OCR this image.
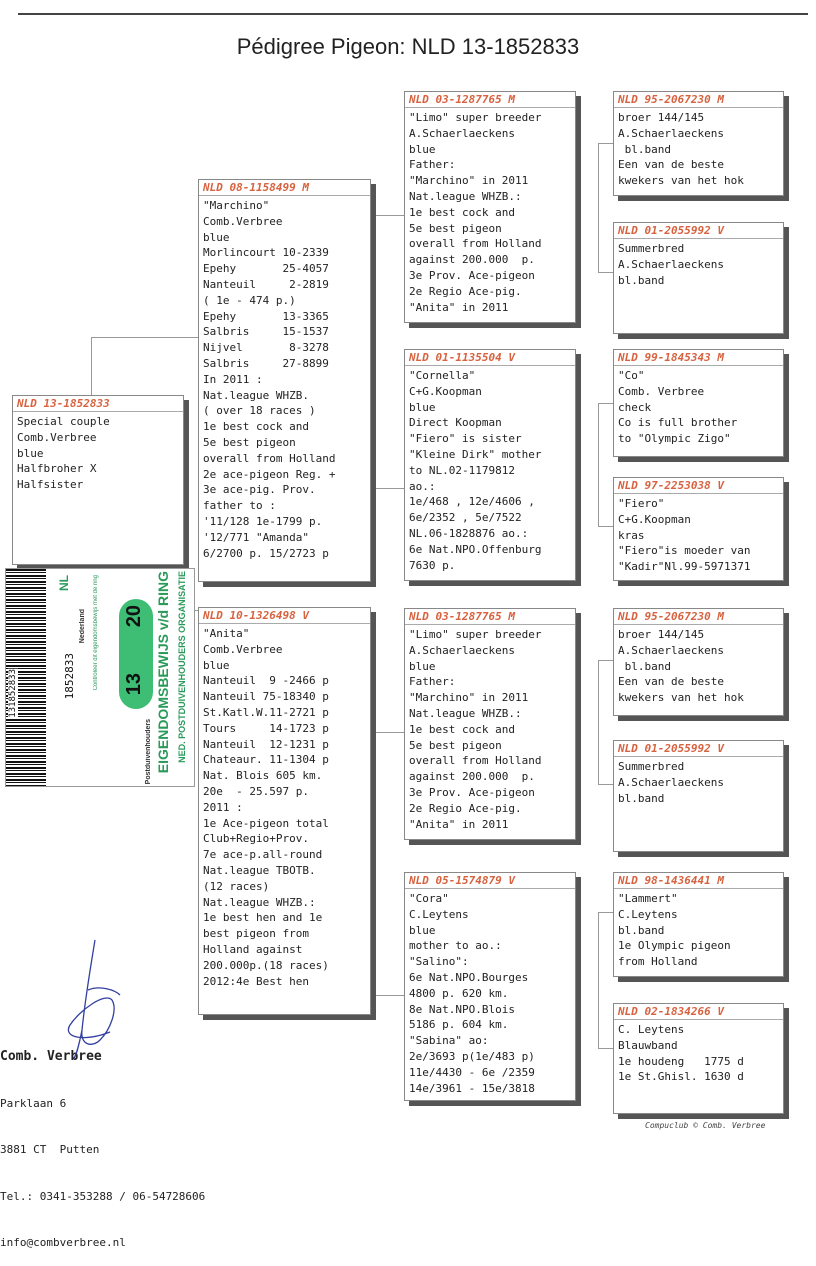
Pédigree Pigeon: NLD 13-1852833
NLD 13-1852833
Special couple
Comb.Verbree
blue
Halfbroher X
Halfsister
NLD 08-1158499 M
"Marchino"
Comb.Verbree
blue
Morlincourt 10-2339
Epehy       25-4057
Nanteuil     2-2819
( 1e - 474 p.)
Epehy       13-3365
Salbris     15-1537
Nijvel       8-3278
Salbris     27-8899
In 2011 :
Nat.league WHZB.
( over 18 races )
1e best cock and
5e best pigeon
overall from Holland
2e ace-pigeon Reg. +
3e ace-pig. Prov.
father to :
'11/128 1e-1799 p.
'12/771 "Amanda"
6/2700 p. 15/2723 p
NLD 10-1326498 V
"Anita"
Comb.Verbree
blue
Nanteuil  9 -2466 p
Nanteuil 75-18340 p
St.Katl.W.11-2721 p
Tours     14-1723 p
Nanteuil  12-1231 p
Chateaur. 11-1304 p
Nat. Blois 605 km.
20e  - 25.597 p.
2011 :
1e Ace-pigeon total
Club+Regio+Prov.
7e ace-p.all-round
Nat.league TBOTB.
(12 races)
Nat.league WHZB.:
1e best hen and 1e
best pigeon from
Holland against
200.000p.(18 races)
2012:4e Best hen
NLD 03-1287765 M
"Limo" super breeder
A.Schaerlaeckens
blue
Father:
"Marchino" in 2011
Nat.league WHZB.:
1e best cock and
5e best pigeon
overall from Holland
against 200.000  p.
3e Prov. Ace-pigeon
2e Regio Ace-pig.
"Anita" in 2011
NLD 01-1135504 V
"Cornella"
C+G.Koopman
blue
Direct Koopman
"Fiero" is sister
"Kleine Dirk" mother
to NL.02-1179812
ao.:
1e/468 , 12e/4606 ,
6e/2352 , 5e/7522
NL.06-1828876 ao.:
6e Nat.NPO.Offenburg
7630 p.
NLD 03-1287765 M
"Limo" super breeder
A.Schaerlaeckens
blue
Father:
"Marchino" in 2011
Nat.league WHZB.:
1e best cock and
5e best pigeon
overall from Holland
against 200.000  p.
3e Prov. Ace-pigeon
2e Regio Ace-pig.
"Anita" in 2011
NLD 05-1574879 V
"Cora"
C.Leytens
blue
mother to ao.:
"Salino":
6e Nat.NPO.Bourges
4800 p. 620 km.
8e Nat.NPO.Blois
5186 p. 604 km.
"Sabina" ao:
2e/3693 p(1e/483 p)
11e/4430 - 6e /2359
14e/3961 - 15e/3818
NLD 95-2067230 M
broer 144/145
A.Schaerlaeckens
bl.band
Een van de beste
kwekers van het hok
NLD 01-2055992 V
Summerbred
A.Schaerlaeckens
bl.band
NLD 99-1845343 M
"Co"
Comb. Verbree
check
Co is full brother
to "Olympic Zigo"
NLD 97-2253038 V
"Fiero"
C+G.Koopman
kras
"Fiero"is moeder van
"Kadir"Nl.99-5971371
NLD 95-2067230 M
broer 144/145
A.Schaerlaeckens
bl.band
Een van de beste
kwekers van het hok
NLD 01-2055992 V
Summerbred
A.Schaerlaeckens
bl.band
NLD 98-1436441 M
"Lammert"
C.Leytens
bl.band
1e Olympic pigeon
from Holland
NLD 02-1834266 V
C. Leytens
Blauwband
1e houdeng   1775 d
1e St.Ghisl. 1630 d
131852833	NED. POSTDUIVENHOUDERS ORGANISATIE
EIGENDOMSBEWIJS v/d RING
20
13
NL
1852833
Nederland Controleer dit eigendomsbewijs met de ring
Postduivenhouders

Comb. Verbree

Parklaan 6

3881 CT  Putten

Tel.: 0341-353288 / 06-54728606

info@combverbree.nl

Compuclub © Comb. Verbree
